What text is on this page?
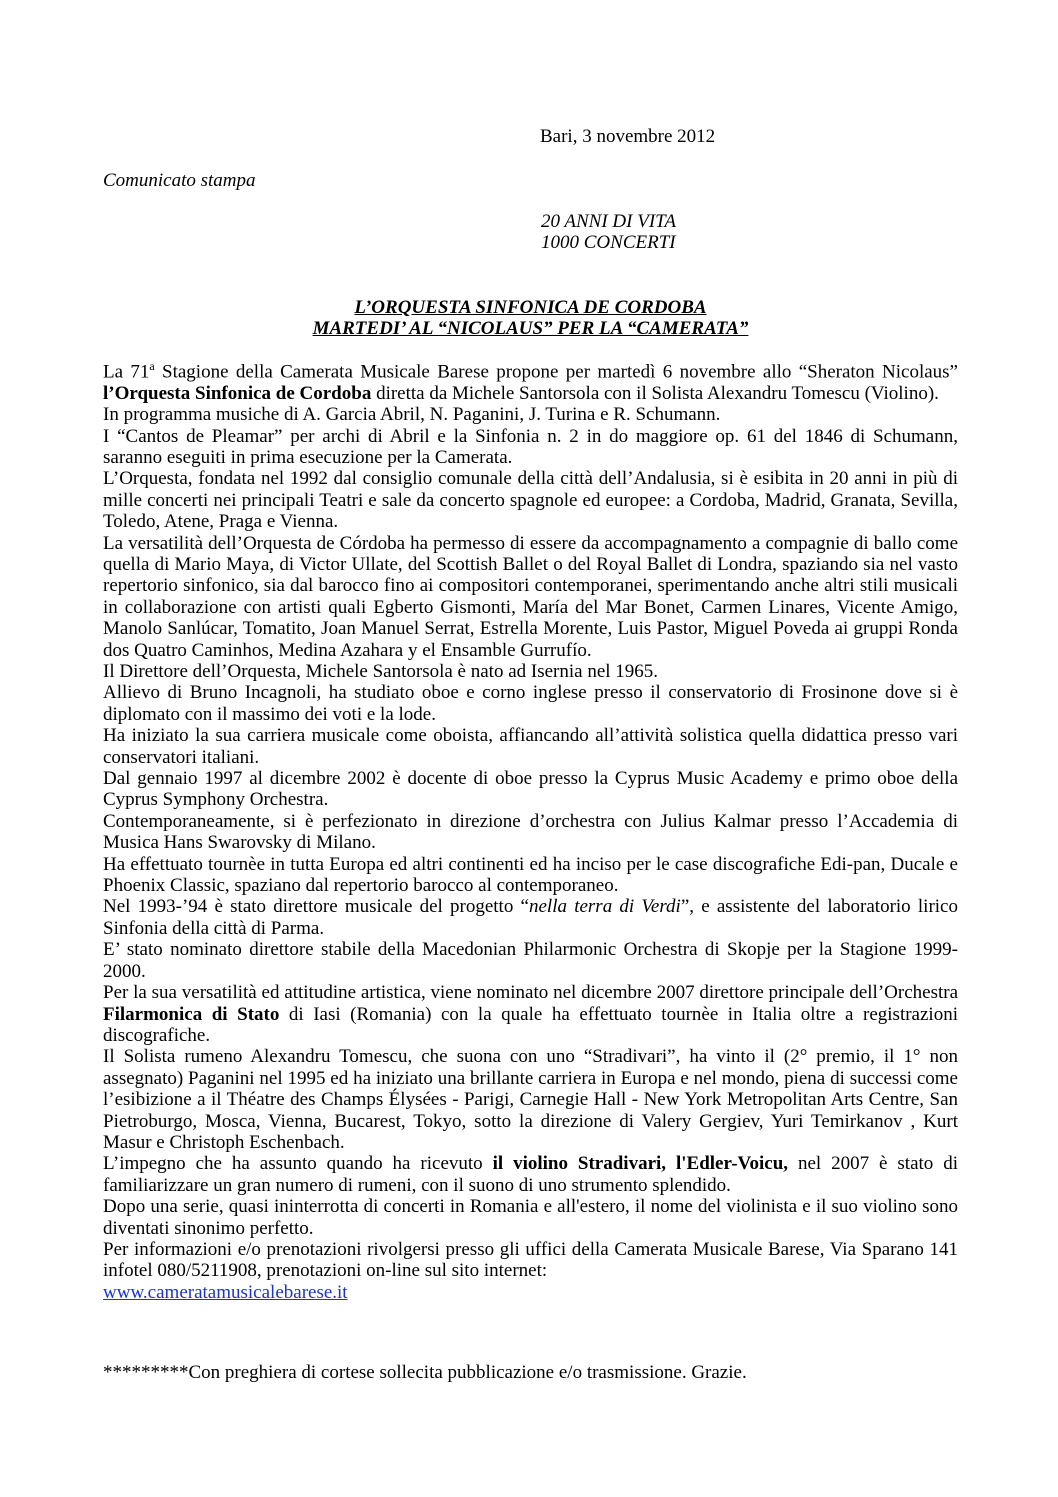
Bari, 3 novembre 2012
Comunicato stampa
20 ANNI DI VITA
1000 CONCERTI
L’ORQUESTA SINFONICA DE CORDOBA
MARTEDI’ AL “NICOLAUS” PER LA “CAMERATA”

La 71$^a$ Stagione della Camerata Musicale Barese propone per martedì 6 novembre allo “Sheraton Nicolaus” l’Orquesta Sinfonica de Cordoba diretta da Michele Santorsola con il Solista Alexandru Tomescu (Violino).

In programma musiche di A. Garcia Abril, N. Paganini, J. Turina e R. Schumann.

I “Cantos de Pleamar” per archi di Abril e la Sinfonia n. 2 in do maggiore op. 61 del 1846 di Schumann, saranno eseguiti in prima esecuzione per la Camerata.

L’Orquesta, fondata nel 1992 dal consiglio comunale della città dell’Andalusia, si è esibita in 20 anni in più di mille concerti nei principali Teatri e sale da concerto spagnole ed europee: a Cordoba, Madrid, Granata, Sevilla, Toledo, Atene, Praga e Vienna.

La versatilità dell’Orquesta de Córdoba ha permesso di essere da accompagnamento a compagnie di ballo come quella di Mario Maya, di Victor Ullate, del Scottish Ballet o del Royal Ballet di Londra, spaziando sia nel vasto repertorio sinfonico, sia dal barocco fino ai compositori contemporanei, sperimentando anche altri stili musicali in collaborazione con artisti quali Egberto Gismonti, María del Mar Bonet, Carmen Linares, Vicente Amigo, Manolo Sanlúcar, Tomatito, Joan Manuel Serrat, Estrella Morente, Luis Pastor, Miguel Poveda ai gruppi Ronda dos Quatro Caminhos, Medina Azahara y el Ensamble Gurrufío.

Il Direttore dell’Orquesta, Michele Santorsola è nato ad Isernia nel 1965.

Allievo di Bruno Incagnoli, ha studiato oboe e corno inglese presso il conservatorio di Frosinone dove si è diplomato con il massimo dei voti e la lode.

Ha iniziato la sua carriera musicale come oboista, affiancando all’attività solistica quella didattica presso vari conservatori italiani.

Dal gennaio 1997 al dicembre 2002 è docente di oboe presso la Cyprus Music Academy e primo oboe della Cyprus Symphony Orchestra.

Contemporaneamente, si è perfezionato in direzione d’orchestra con Julius Kalmar presso l’Accademia di Musica Hans Swarovsky di Milano.

Ha effettuato tournèe in tutta Europa ed altri continenti ed ha inciso per le case discografiche Edi-pan, Ducale e Phoenix Classic, spaziano dal repertorio barocco al contemporaneo.

Nel 1993-’94 è stato direttore musicale del progetto “nella terra di Verdi”, e assistente del laboratorio lirico Sinfonia della città di Parma.

E’ stato nominato direttore stabile della Macedonian Philarmonic Orchestra di Skopje per la Stagione 1999-2000.

Per la sua versatilità ed attitudine artistica, viene nominato nel dicembre 2007 direttore principale dell’Orchestra Filarmonica di Stato di Iasi (Romania) con la quale ha effettuato tournèe in Italia oltre a registrazioni discografiche.

Il Solista rumeno Alexandru Tomescu, che suona con uno “Stradivari”, ha vinto il (2° premio, il 1° non assegnato) Paganini nel 1995 ed ha iniziato una brillante carriera in Europa e nel mondo, piena di successi come l’esibizione a il Théatre des Champs Élysées - Parigi, Carnegie Hall - New York Metropolitan Arts Centre, San Pietroburgo, Mosca, Vienna, Bucarest, Tokyo, sotto la direzione di Valery Gergiev, Yuri Temirkanov , Kurt Masur e Christoph Eschenbach.

L’impegno che ha assunto quando ha ricevuto il violino Stradivari, l'Edler-Voicu, nel 2007 è stato di familiarizzare un gran numero di rumeni, con il suono di uno strumento splendido.

Dopo una serie, quasi ininterrotta di concerti in Romania e all'estero, il nome del violinista e il suo violino sono diventati sinonimo perfetto.

Per informazioni e/o prenotazioni rivolgersi presso gli uffici della Camerata Musicale Barese, Via Sparano 141 infotel 080/5211908, prenotazioni on-line sul sito internet:
www.cameratamusicalebarese.it

*********Con preghiera di cortese sollecita pubblicazione e/o trasmissione. Grazie.
